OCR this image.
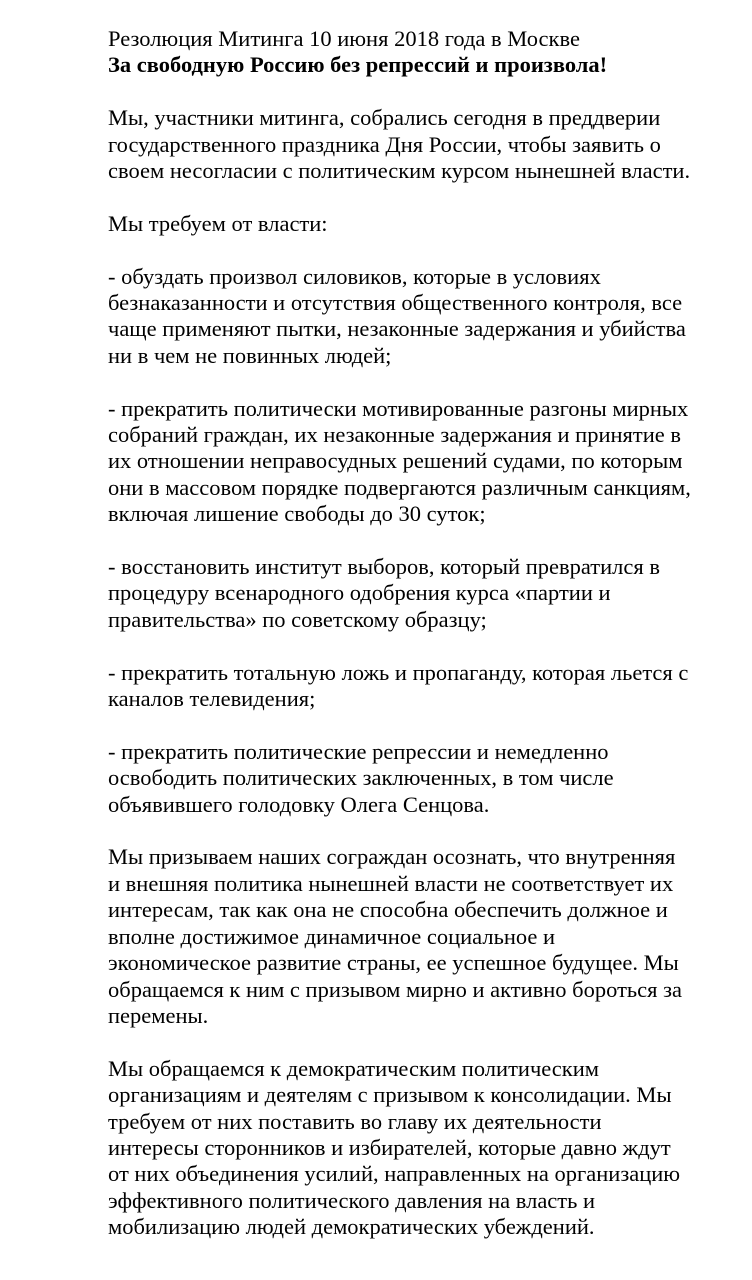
Резолюция Митинга 10 июня 2018 года в Москве
За свободную Россию без репрессий и произвола!
Мы, участники митинга, собрались сегодня в преддверии
государственного праздника Дня России, чтобы заявить о
своем несогласии с политическим курсом нынешней власти.
Мы требуем от власти:
- обуздать произвол силовиков, которые в условиях
безнаказанности и отсутствия общественного контроля, все
чаще применяют пытки, незаконные задержания и убийства
ни в чем не повинных людей;
- прекратить политически мотивированные разгоны мирных
собраний граждан, их незаконные задержания и принятие в
их отношении неправосудных решений судами, по которым
они в массовом порядке подвергаются различным санкциям,
включая лишение свободы до 30 суток;
- восстановить институт выборов, который превратился в
процедуру всенародного одобрения курса «партии и
правительства» по советскому образцу;
- прекратить тотальную ложь и пропаганду, которая льется с
каналов телевидения;
- прекратить политические репрессии и немедленно
освободить политических заключенных, в том числе
объявившего голодовку Олега Сенцова.
Мы призываем наших сограждан осознать, что внутренняя
и внешняя политика нынешней власти не соответствует их
интересам, так как она не способна обеспечить должное и
вполне достижимое динамичное социальное и
экономическое развитие страны, ее успешное будущее. Мы
обращаемся к ним с призывом мирно и активно бороться за
перемены.
Мы обращаемся к демократическим политическим
организациям и деятелям с призывом к консолидации. Мы
требуем от них поставить во главу их деятельности
интересы сторонников и избирателей, которые давно ждут
от них объединения усилий, направленных на организацию
эффективного политического давления на власть и
мобилизацию людей демократических убеждений.
